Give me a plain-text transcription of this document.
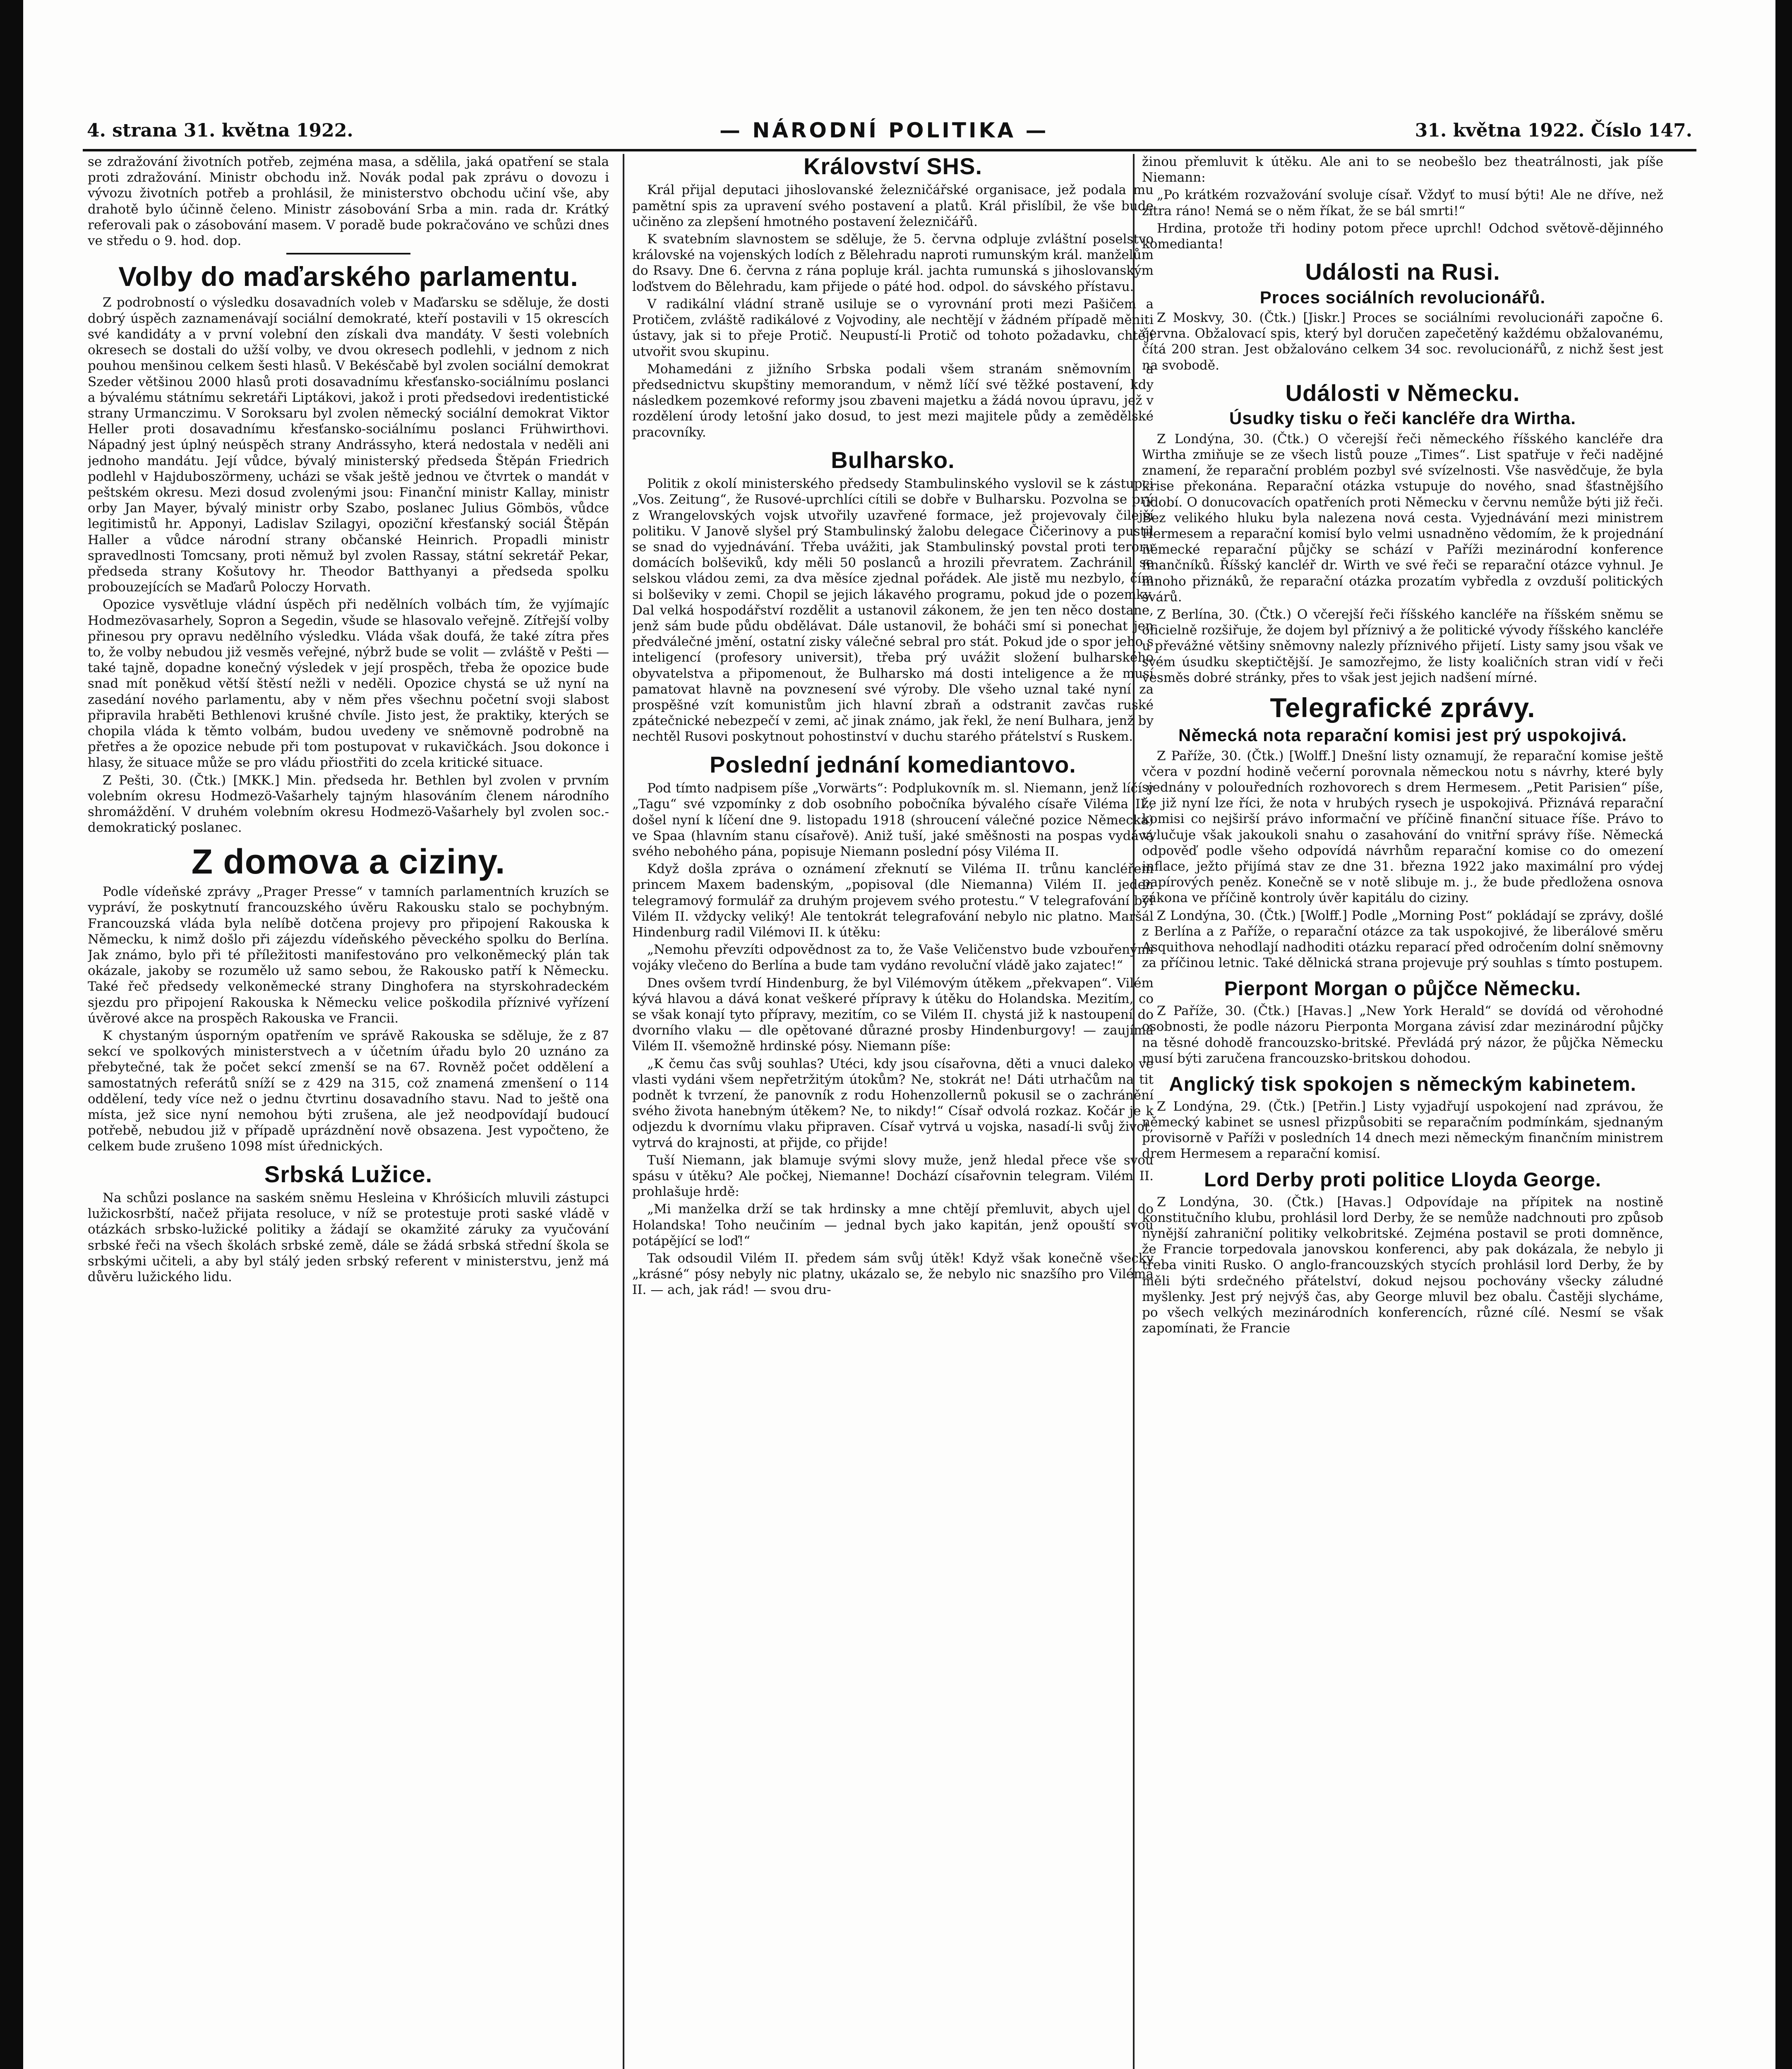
4. strana 31. května 1922.	— NÁRODNÍ POLITIKA —	31. května 1922. Číslo 147.

se zdražování životních potřeb, zejména masa, a sdělila, jaká opatření se stala proti zdražování. Ministr obchodu inž. Novák podal pak zprávu o dovozu i vývozu životních potřeb a prohlásil, že ministerstvo obchodu učiní vše, aby drahotě bylo účinně čeleno. Ministr zásobování Srba a min. rada dr. Krátký referovali pak o zásobování masem. V poradě bude pokračováno ve schůzi dnes ve středu o 9. hod. dop.

Volby do maďarského parlamentu.

Z podrobností o výsledku dosavadních voleb v Maďarsku se sděluje, že dosti dobrý úspěch zaznamenávají sociální demokraté, kteří postavili v 15 okrescích své kandidáty a v první volební den získali dva mandáty. V šesti volebních okresech se dostali do užší volby, ve dvou okresech podlehli, v jednom z nich pouhou menšinou celkem šesti hlasů. V Bekésčabě byl zvolen sociální demokrat Szeder většinou 2000 hlasů proti dosavadnímu křesťansko-sociálnímu poslanci a bývalému státnímu sekretáři Liptákovi, jakož i proti předsedovi iredentistické strany Urmanczimu. V Soroksaru byl zvolen německý sociální demokrat Viktor Heller proti dosavadnímu křesťansko-sociálnímu poslanci Frühwirthovi. Nápadný jest úplný neúspěch strany Andrássyho, která nedostala v neděli ani jednoho mandátu. Její vůdce, bývalý ministerský předseda Štěpán Friedrich podlehl v Hajduboszörmeny, ucházi se však ještě jednou ve čtvrtek o mandát v peštském okresu. Mezi dosud zvolenými jsou: Finanční ministr Kallay, ministr orby Jan Mayer, bývalý ministr orby Szabo, poslanec Julius Gömbös, vůdce legitimistů hr. Apponyi, Ladislav Szilagyi, opoziční křesťanský sociál Štěpán Haller a vůdce národní strany občanské Heinrich. Propadli ministr spravedlnosti Tomcsany, proti němuž byl zvolen Rassay, státní sekretář Pekar, předseda strany Košutovy hr. Theodor Batthyanyi a předseda spolku probouzejících se Maďarů Poloczy Horvath.

Opozice vysvětluje vládní úspěch při nedělních volbách tím, že vyjímajíc Hodmezövasarhely, Sopron a Segedin, všude se hlasovalo veřejně. Zítřejší volby přinesou pry opravu nedělního výsledku. Vláda však doufá, že také zítra přes to, že volby nebudou již vesměs veřejné, nýbrž bude se volit — zvláště v Pešti — také tajně, dopadne konečný výsledek v její prospěch, třeba že opozice bude snad mít poněkud větší štěstí nežli v neděli. Opozice chystá se už nyní na zasedání nového parlamentu, aby v něm přes všechnu početní svoji slabost připravila hraběti Bethlenovi krušné chvíle. Jisto jest, že praktiky, kterých se chopila vláda k těmto volbám, budou uvedeny ve sněmovně podrobně na přetřes a že opozice nebude při tom postupovat v rukavičkách. Jsou dokonce i hlasy, že situace může se pro vládu přiostřiti do zcela kritické situace.

Z Pešti, 30. (Čtk.) [MKK.] Min. předseda hr. Bethlen byl zvolen v prvním volebním okresu Hodmezö-Vašarhely tajným hlasováním členem národního shromáždění. V druhém volebním okresu Hodmezö-Vašarhely byl zvolen soc.-demokratický poslanec.

Z domova a ciziny.

Podle vídeňské zprávy „Prager Presse“ v tamních parlamentních kruzích se vypráví, že poskytnutí francouzského úvěru Rakousku stalo se pochybným. Francouzská vláda byla nelíbě dotčena projevy pro připojení Rakouska k Německu, k nimž došlo při zájezdu vídeňského pěveckého spolku do Berlína. Jak známo, bylo při té příležitosti manifestováno pro velkoněmecký plán tak okázale, jakoby se rozumělo už samo sebou, že Rakousko patří k Německu. Také řeč předsedy velkoněmecké strany Dinghofera na styrskohradeckém sjezdu pro připojení Rakouska k Německu velice poškodila příznivé vyřízení úvěrové akce na prospěch Rakouska ve Francii.

K chystaným úsporným opatřením ve správě Rakouska se sděluje, že z 87 sekcí ve spolkových ministerstvech a v účetním úřadu bylo 20 uznáno za přebytečné, tak že počet sekcí zmenší se na 67. Rovněž počet oddělení a samostatných referátů sníží se z 429 na 315, což znamená zmenšení o 114 oddělení, tedy více než o jednu čtvrtinu dosavadního stavu. Nad to ještě ona místa, jež sice nyní nemohou býti zrušena, ale jež neodpovídají budoucí potřebě, nebudou již v případě uprázdnění nově obsazena. Jest vypočteno, že celkem bude zrušeno 1098 míst úřednických.

Srbská Lužice.

Na schůzi poslance na saském sněmu Hesleina v Khróšicích mluvili zástupci lužickosrbští, načež přijata resoluce, v níž se protestuje proti saské vládě v otázkách srbsko-lužické politiky a žádají se okamžité záruky za vyučování srbské řeči na všech školách srbské země, dále se žádá srbská střední škola se srbskými učiteli, a aby byl stálý jeden srbský referent v ministerstvu, jenž má důvěru lužického lidu.

Království SHS.

Král přijal deputaci jihoslovanské železničářské organisace, jež podala mu pamětní spis za upravení svého postavení a platů. Král přislíbil, že vše bude učiněno za zlepšení hmotného postavení železničářů.

K svatebním slavnostem se sděluje, že 5. června odpluje zvláštní poselstvo královské na vojenských lodích z Bělehradu naproti rumunským král. manželům do Rsavy. Dne 6. června z rána popluje král. jachta rumunská s jihoslovanským loďstvem do Bělehradu, kam přijede o páté hod. odpol. do sávského přístavu.

V radikální vládní straně usiluje se o vyrovnání proti mezi Pašičem a Protičem, zvláště radikálové z Vojvodiny, ale nechtějí v žádném případě měniti ústavy, jak si to přeje Protič. Neupustí-li Protič od tohoto požadavku, chtějí utvořit svou skupinu.

Mohamedáni z jižního Srbska podali všem stranám sněmovním a předsednictvu skupštiny memorandum, v němž líčí své těžké postavení, kdy následkem pozemkové reformy jsou zbaveni majetku a žádá novou úpravu, jež v rozdělení úrody letošní jako dosud, to jest mezi majitele půdy a zemědělské pracovníky.

Bulharsko.

Politik z okolí ministerského předsedy Stambulinského vyslovil se k zástupci „Vos. Zeitung“, že Rusové-uprchlíci cítili se dobře v Bulharsku. Pozvolna se prý z Wrangelovských vojsk utvořily uzavřené formace, jež projevovaly čilejší politiku. V Janově slyšel prý Stambulinský žalobu delegace Čičerinovy a pustil se snad do vyjednávání. Třeba uvážiti, jak Stambulinský povstal proti teroru domácích bolševiků, kdy měli 50 poslanců a hrozili převratem. Zachránil se selskou vládou zemi, za dva měsíce zjednal pořádek. Ale jistě mu nezbylo, čím si bolševiky v zemi. Chopil se jejich lákavého programu, pokud jde o pozemky. Dal velká hospodářství rozdělit a ustanovil zákonem, že jen ten něco dostane, jenž sám bude půdu obdělávat. Dále ustanovil, že boháči smí si ponechat jen předválečné jmění, ostatní zisky válečné sebral pro stát. Pokud jde o spor jeho s inteligencí (profesory universit), třeba prý uvážit složení bulharského obyvatelstva a připomenout, že Bulharsko má dosti inteligence a že musí pamatovat hlavně na povznesení své výroby. Dle všeho uznal také nyní za prospěšné vzít komunistům jich hlavní zbraň a odstranit zavčas ruské zpátečnické nebezpečí v zemi, ač jinak známo, jak řekl, že není Bulhara, jenž by nechtěl Rusovi poskytnout pohostinství v duchu starého přátelství s Ruskem.

Poslední jednání komediantovo.

Pod tímto nadpisem píše „Vorwärts“: Podplukovník m. sl. Niemann, jenž líčí v „Tagu“ své vzpomínky z dob osobního pobočníka bývalého císaře Viléma II., došel nyní k líčení dne 9. listopadu 1918 (shroucení válečné pozice Německa) ve Spaa (hlavním stanu císařově). Aniž tuší, jaké směšnosti na pospas vydává svého nebohého pána, popisuje Niemann poslední pósy Viléma II.

Když došla zpráva o oznámení zřeknutí se Viléma II. trůnu kancléřem princem Maxem badenským, „popisoval (dle Niemanna) Vilém II. jeden telegramový formulář za druhým projevem svého protestu.“ V telegrafování byl Vilém II. vždycky veliký! Ale tentokrát telegrafování nebylo nic platno. Maršál Hindenburg radil Vilémovi II. k útěku:

„Nemohu převzíti odpovědnost za to, že Vaše Veličenstvo bude vzbouřenými vojáky vlečeno do Berlína a bude tam vydáno revoluční vládě jako zajatec!“

Dnes ovšem tvrdí Hindenburg, že byl Vilémovým útěkem „překvapen“. Vilém kývá hlavou a dává konat veškeré přípravy k útěku do Holandska. Mezitím, co se však konají tyto přípravy, mezitím, co se Vilém II. chystá již k nastoupení do dvorního vlaku — dle opětované důrazné prosby Hindenburgovy! — zaujímá Vilém II. všemožně hrdinské pósy. Niemann píše:

„K čemu čas svůj souhlas? Utéci, kdy jsou císařovna, děti a vnuci daleko ve vlasti vydáni všem nepřetržitým útokům? Ne, stokrát ne! Dáti utrhačům na tit podnět k tvrzení, že panovník z rodu Hohenzollernů pokusil se o zachránění svého života hanebným útěkem? Ne, to nikdy!“ Císař odvolá rozkaz. Kočár je k odjezdu k dvornímu vlaku připraven. Císař vytrvá u vojska, nasadí-li svůj život, vytrvá do krajnosti, at přijde, co přijde!

Tuší Niemann, jak blamuje svými slovy muže, jenž hledal přece vše svou spásu v útěku? Ale počkej, Niemanne! Dochází císařovnin telegram. Vilém II. prohlašuje hrdě:

„Mi manželka drží se tak hrdinsky a mne chtějí přemluvit, abych ujel do Holandska! Toho neučiním — jednal bych jako kapitán, jenž opouští svou potápějící se loď!“

Tak odsoudil Vilém II. předem sám svůj útěk! Když však konečně všecky „krásné“ pósy nebyly nic platny, ukázalo se, že nebylo nic snazšího pro Viléma II. — ach, jak rád! — svou dru-

žinou přemluvit k útěku. Ale ani to se neobešlo bez theatrálnosti, jak píše Niemann:

„Po krátkém rozvažování svoluje císař. Vždyť to musí býti! Ale ne dříve, než zítra ráno! Nemá se o něm říkat, že se bál smrti!“

Hrdina, protože tři hodiny potom přece uprchl! Odchod světově-dějinného komedianta!

Události na Rusi.
Proces sociálních revolucionářů.

Z Moskvy, 30. (Čtk.) [Jiskr.] Proces se sociálními revolucionáři započne 6. června. Obžalovací spis, který byl doručen zapečetěný každému obžalovanému, čítá 200 stran. Jest obžalováno celkem 34 soc. revolucionářů, z nichž šest jest na svobodě.

Události v Německu.
Úsudky tisku o řeči kancléře dra Wirtha.

Z Londýna, 30. (Čtk.) O včerejší řeči německého říšského kancléře dra Wirtha zmiňuje se ze všech listů pouze „Times“. List spatřuje v řeči nadějné znamení, že reparační problém pozbyl své svízelnosti. Vše nasvědčuje, že byla krise překonána. Reparační otázka vstupuje do nového, snad šťastnějšího údobí. O donucovacích opatřeních proti Německu v červnu nemůže býti již řeči. Bez velikého hluku byla nalezena nová cesta. Vyjednávání mezi ministrem Hermesem a reparační komisí bylo velmi usnadněno vědomím, že k projednání německé reparační půjčky se schází v Paříži mezinárodní konference finančníků. Říšský kancléř dr. Wirth ve své řeči se reparační otázce vyhnul. Je mnoho přiznáků, že reparační otázka prozatím vybředla z ovzduší politických svárů.

Z Berlína, 30. (Čtk.) O včerejší řeči říšského kancléře na říšském sněmu se oficielně rozšiřuje, že dojem byl příznivý a že politické vývody říšského kancléře u převážné většiny sněmovny nalezly příznivého přijetí. Listy samy jsou však ve svém úsudku skeptičtější. Je samozřejmo, že listy koaličních stran vidí v řeči vesměs dobré stránky, přes to však jest jejich nadšení mírné.

Telegrafické zprávy.
Německá nota reparační komisi jest prý uspokojivá.

Z Paříže, 30. (Čtk.) [Wolff.] Dnešní listy oznamují, že reparační komise ještě včera v pozdní hodině večerní porovnala německou notu s návrhy, které byly sjednány v polouředních rozhovorech s drem Hermesem. „Petit Parisien“ píše, že již nyní lze říci, že nota v hrubých rysech je uspokojivá. Přiznává reparační komisi co nejširší právo informační ve příčině finanční situace říše. Právo to vylučuje však jakoukoli snahu o zasahování do vnitřní správy říše. Německá odpověď podle všeho odpovídá návrhům reparační komise co do omezení inflace, ježto přijímá stav ze dne 31. března 1922 jako maximální pro výdej papírových peněz. Konečně se v notě slibuje m. j., že bude předložena osnova zákona ve příčině kontroly úvěr kapitálu do ciziny.

Z Londýna, 30. (Čtk.) [Wolff.] Podle „Morning Post“ pokládají se zprávy, došlé z Berlína a z Paříže, o reparační otázce za tak uspokojivé, že liberálové směru Asquithova nehodlají nadhoditi otázku reparací před odročením dolní sněmovny za příčinou letnic. Také dělnická strana projevuje prý souhlas s tímto postupem.

Pierpont Morgan o půjčce Německu.

Z Paříže, 30. (Čtk.) [Havas.] „New York Herald“ se dovídá od věrohodné osobnosti, že podle názoru Pierponta Morgana závisí zdar mezinárodní půjčky na těsné dohodě francouzsko-britské. Převládá prý názor, že půjčka Německu musí býti zaručena francouzsko-britskou dohodou.

Anglický tisk spokojen s německým kabinetem.

Z Londýna, 29. (Čtk.) [Petřin.] Listy vyjadřují uspokojení nad zprávou, že německý kabinet se usnesl přizpůsobiti se reparačním podmínkám, sjednaným provisorně v Paříži v posledních 14 dnech mezi německým finančním ministrem drem Hermesem a reparační komisí.

Lord Derby proti politice Lloyda George.

Z Londýna, 30. (Čtk.) [Havas.] Odpovídaje na přípitek na nostině konstitučního klubu, prohlásil lord Derby, že se nemůže nadchnouti pro způsob nynější zahraniční politiky velkobritské. Zejména postavil se proti domněnce, že Francie torpedovala janovskou konferenci, aby pak dokázala, že nebylo ji třeba viniti Rusko. O anglo-francouzských stycích prohlásil lord Derby, že by měli býti srdečného přátelství, dokud nejsou pochovány všecky záludné myšlenky. Jest prý nejvýš čas, aby George mluvil bez obalu. Častěji slycháme, po všech velkých mezinárodních konferencích, různé cílé. Nesmí se však zapomínati, že Francie
